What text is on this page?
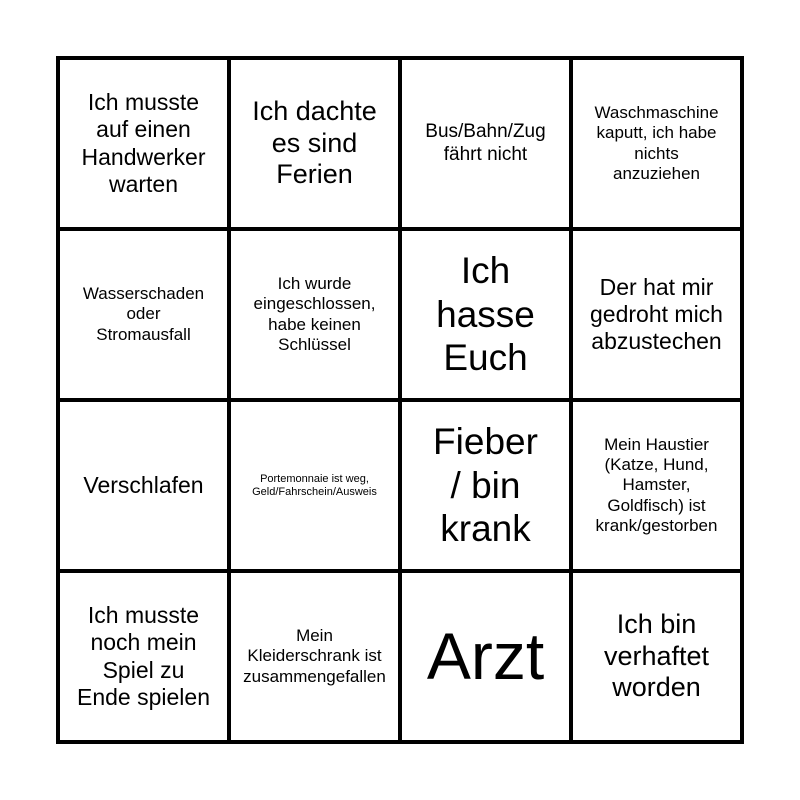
Ich musste
auf einen
Handwerker
warten
Ich dachte
es sind
Ferien
Bus/Bahn/Zug
fährt nicht
Waschmaschine
kaputt, ich habe
nichts
anzuziehen
Wasserschaden
oder
Stromausfall
Ich wurde
eingeschlossen,
habe keinen
Schlüssel
Ich
hasse
Euch
Der hat mir
gedroht mich
abzustechen
Verschlafen	Portemonnaie ist weg,
Geld/Fahrschein/Ausweis
Fieber
/ bin
krank
Mein Haustier
(Katze, Hund,
Hamster,
Goldfisch) ist
krank/gestorben
Ich musste
noch mein
Spiel zu
Ende spielen
Mein
Kleiderschrank ist
zusammengefallen Arzt	Ich bin
verhaftet
worden
